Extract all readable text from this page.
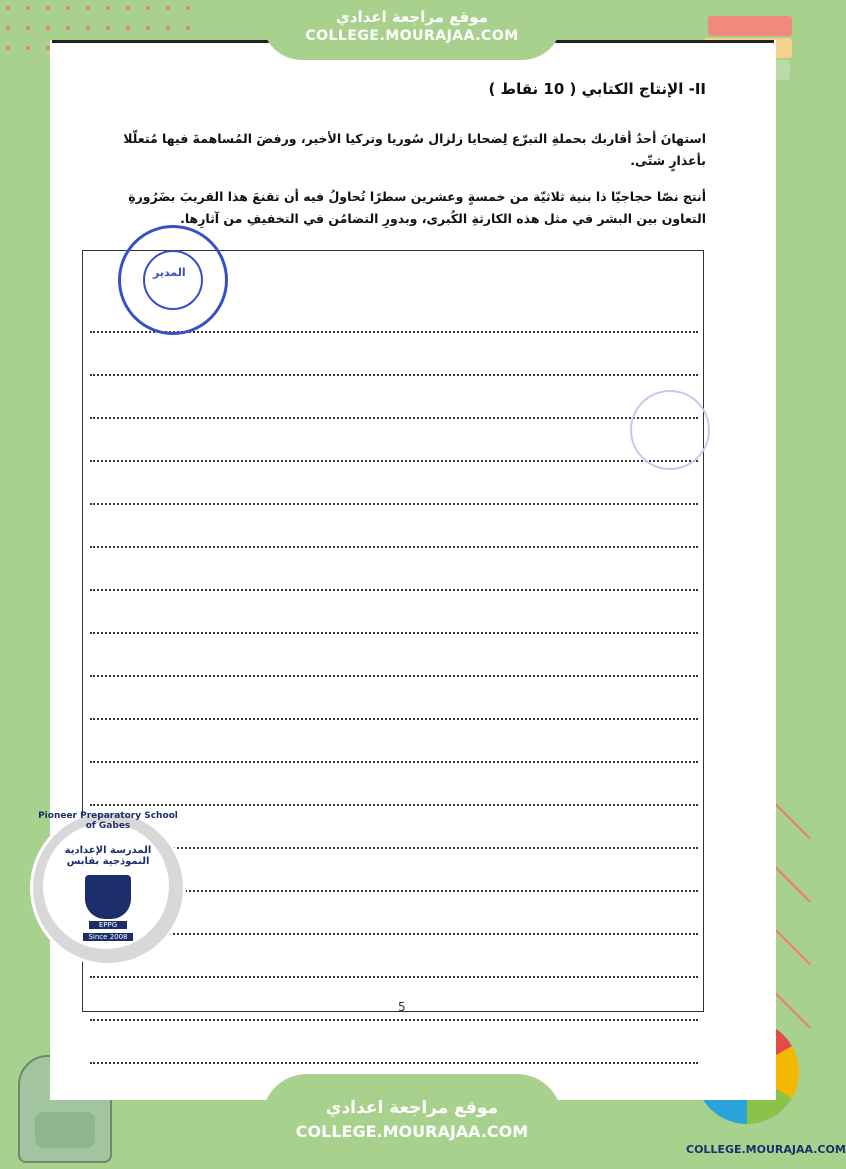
موقع مراجعة اعدادي
COLLEGE.MOURAJAA.COM
II- الإنتاج الكتابي ( 10 نقاط )
استهانَ أحدُ أقاربك بحملةِ التبرّع لِضحايا زلزال سُوريا وتركيا الأخير، ورفضَ المُساهمةَ فيها مُتعلّلا بأعذارٍ شتّى.
أنتج نصّا حجاجيّا ذا بنية ثلاثيّة من خمسةٍ وعشرين سطرًا تُحاولُ فيه أن تقنعَ هذا القريبَ بضَرُورةِ التعاون بين البشر في مثل هذه الكارثةِ الكُبرى، وبدورِ التضامُن في التخفيفِ من آثارِها.
5
المدير
Pioneer Preparatory School of Gabes
المدرسة الإعدادية النموذجية بقابس
EPPG
Since 2008
موقع مراجعة اعدادي
COLLEGE.MOURAJAA.COM
COLLEGE.MOURAJAA.COM
